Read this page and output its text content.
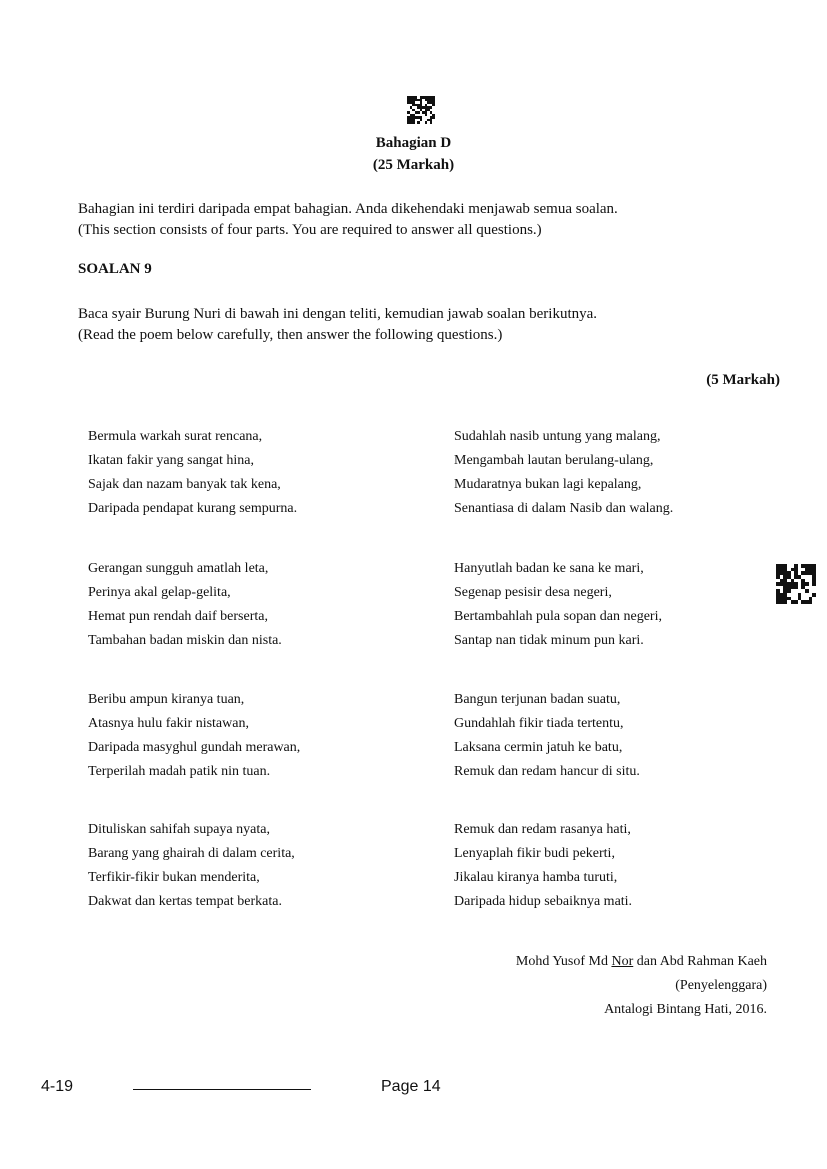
Bahagian D
(25 Markah)
Bahagian ini terdiri daripada empat bahagian. Anda dikehendaki menjawab semua soalan.
(This section consists of four parts. You are required to answer all questions.)
SOALAN 9
Baca syair Burung Nuri di bawah ini dengan teliti, kemudian jawab soalan berikutnya.
(Read the poem below carefully, then answer the following questions.)
(5 Markah)
Bermula warkah surat rencana,
Ikatan fakir yang sangat hina,
Sajak dan nazam banyak tak kena,
Daripada pendapat kurang sempurna.
Gerangan sungguh amatlah leta,
Perinya akal gelap-gelita,
Hemat pun rendah daif berserta,
Tambahan badan miskin dan nista.
Beribu ampun kiranya tuan,
Atasnya hulu fakir nistawan,
Daripada masyghul gundah merawan,
Terperilah madah patik nin tuan.
Dituliskan sahifah supaya nyata,
Barang yang ghairah di dalam cerita,
Terfikir-fikir bukan menderita,
Dakwat dan kertas tempat berkata.
Sudahlah nasib untung yang malang,
Mengambah lautan berulang-ulang,
Mudaratnya bukan lagi kepalang,
Senantiasa di dalam Nasib dan walang.
Hanyutlah badan ke sana ke mari,
Segenap pesisir desa negeri,
Bertambahlah pula sopan dan negeri,
Santap nan tidak minum pun kari.
Bangun terjunan badan suatu,
Gundahlah fikir tiada tertentu,
Laksana cermin jatuh ke batu,
Remuk dan redam hancur di situ.
Remuk dan redam rasanya hati,
Lenyaplah fikir budi pekerti,
Jikalau kiranya hamba turuti,
Daripada hidup sebaiknya mati.
Mohd Yusof Md Nor dan Abd Rahman Kaeh
(Penyelenggara)
Antalogi Bintang Hati, 2016.
4-19	Page 14
